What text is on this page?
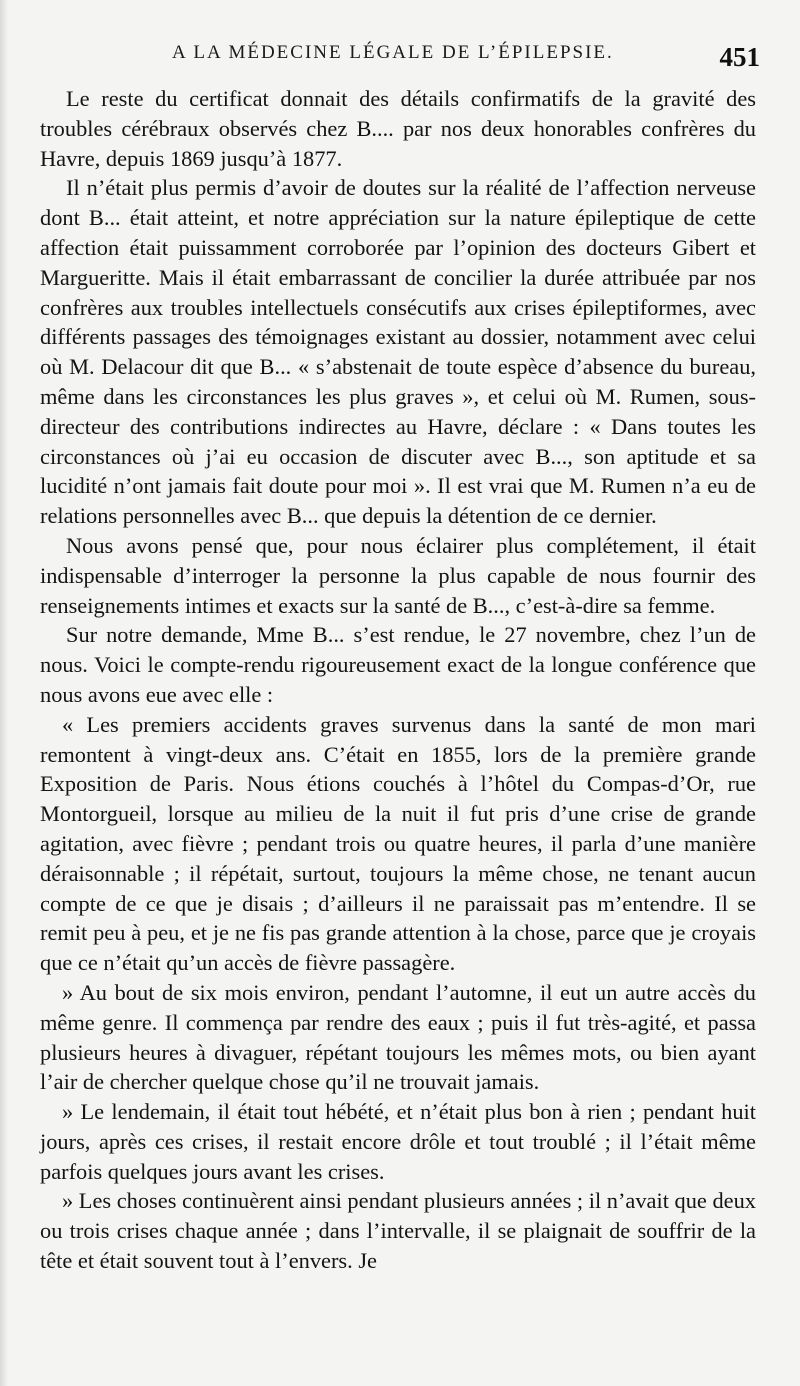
A LA MÉDECINE LÉGALE DE L’ÉPILEPSIE.	451

Le reste du certificat donnait des détails confirmatifs de la gravité des troubles cérébraux observés chez B.... par nos deux honorables confrères du Havre, depuis 1869 jusqu’à 1877.

Il n’était plus permis d’avoir de doutes sur la réalité de l’affection nerveuse dont B... était atteint, et notre appréciation sur la nature épileptique de cette affection était puissamment corroborée par l’opinion des docteurs Gibert et Margueritte. Mais il était embarrassant de concilier la durée attribuée par nos confrères aux troubles intellectuels consécutifs aux crises épileptiformes, avec différents passages des témoignages existant au dossier, notamment avec celui où M. Delacour dit que B... « s’abstenait de toute espèce d’absence du bureau, même dans les circonstances les plus graves », et celui où M. Rumen, sous-directeur des contributions indirectes au Havre, déclare : « Dans toutes les circonstances où j’ai eu occasion de discuter avec B..., son aptitude et sa lucidité n’ont jamais fait doute pour moi ». Il est vrai que M. Rumen n’a eu de relations personnelles avec B... que depuis la détention de ce dernier.

Nous avons pensé que, pour nous éclairer plus complétement, il était indispensable d’interroger la personne la plus capable de nous fournir des renseignements intimes et exacts sur la santé de B..., c’est-à-dire sa femme.

Sur notre demande, Mme B... s’est rendue, le 27 novembre, chez l’un de nous. Voici le compte-rendu rigoureusement exact de la longue conférence que nous avons eue avec elle :

« Les premiers accidents graves survenus dans la santé de mon mari remontent à vingt-deux ans. C’était en 1855, lors de la première grande Exposition de Paris. Nous étions couchés à l’hôtel du Compas-d’Or, rue Montorgueil, lorsque au milieu de la nuit il fut pris d’une crise de grande agitation, avec fièvre ; pendant trois ou quatre heures, il parla d’une manière déraisonnable ; il répétait, surtout, toujours la même chose, ne tenant aucun compte de ce que je disais ; d’ailleurs il ne paraissait pas m’entendre. Il se remit peu à peu, et je ne fis pas grande attention à la chose, parce que je croyais que ce n’était qu’un accès de fièvre passagère.

» Au bout de six mois environ, pendant l’automne, il eut un autre accès du même genre. Il commença par rendre des eaux ; puis il fut très-agité, et passa plusieurs heures à divaguer, répétant toujours les mêmes mots, ou bien ayant l’air de chercher quelque chose qu’il ne trouvait jamais.

» Le lendemain, il était tout hébété, et n’était plus bon à rien ; pendant huit jours, après ces crises, il restait encore drôle et tout troublé ; il l’était même parfois quelques jours avant les crises.

» Les choses continuèrent ainsi pendant plusieurs années ; il n’avait que deux ou trois crises chaque année ; dans l’intervalle, il se plaignait de souffrir de la tête et était souvent tout à l’envers. Je
